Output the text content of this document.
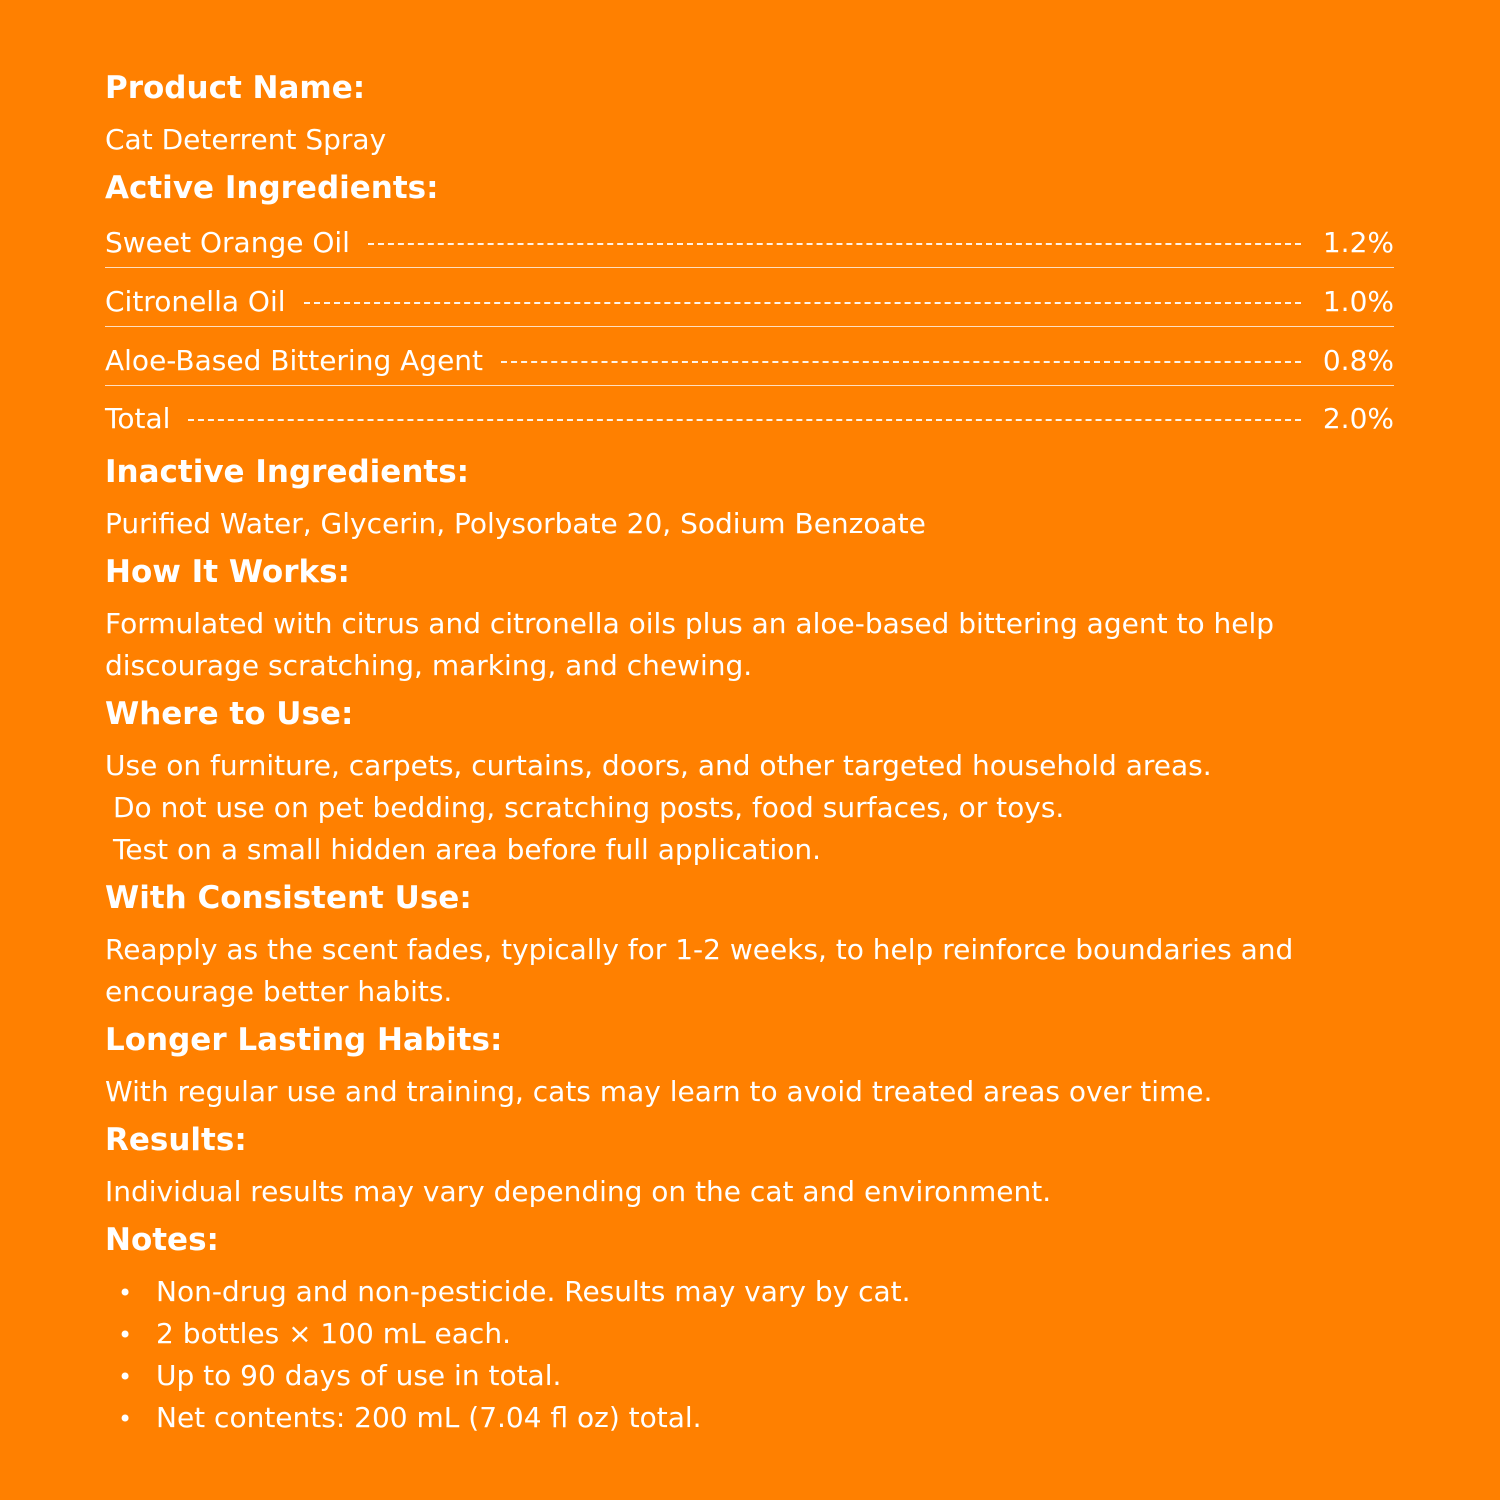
Product Name:

Cat Deterrent Spray

Active Ingredients:
Sweet Orange Oil	1.2%
Citronella Oil	1.0%
Aloe-Based Bittering Agent	0.8%
Total	2.0%
Inactive Ingredients:

Purified Water, Glycerin, Polysorbate 20, Sodium Benzoate

How It Works:

Formulated with citrus and citronella oils plus an aloe-based bittering agent to help

discourage scratching, marking, and chewing.

Where to Use:

Use on furniture, carpets, curtains, doors, and other targeted household areas.

Do not use on pet bedding, scratching posts, food surfaces, or toys.

Test on a small hidden area before full application.

With Consistent Use:

Reapply as the scent fades, typically for 1-2 weeks, to help reinforce boundaries and

encourage better habits.

Longer Lasting Habits:

With regular use and training, cats may learn to avoid treated areas over time.

Results:

Individual results may vary depending on the cat and environment.

Notes:
• Non-drug and non-pesticide. Results may vary by cat.
• 2 bottles × 100 mL each.
• Up to 90 days of use in total.
• Net contents: 200 mL (7.04 fl oz) total.
